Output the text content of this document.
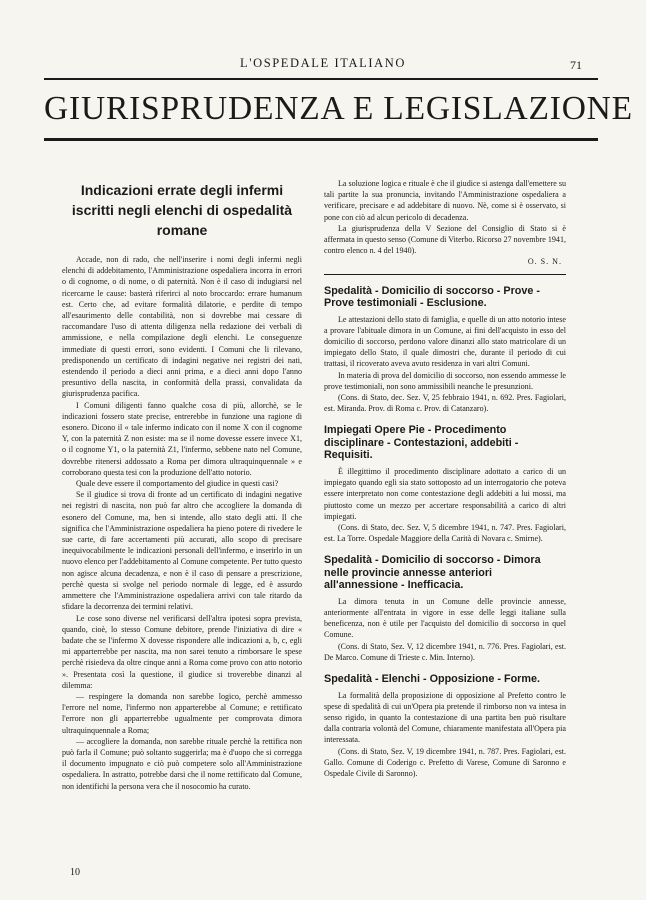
L'OSPEDALE ITALIANO	71
GIURISPRUDENZA E LEGISLAZIONE
Indicazioni errate degli infermi iscritti negli elenchi di ospedalità romane

Accade, non di rado, che nell'inserire i nomi degli infermi negli elenchi di addebitamento, l'Amministrazione ospedaliera incorra in errori o di cognome, o di nome, o di paternità. Non è il caso di indugiarsi nel ricercarne le cause: basterà riferirci al noto broccardo: errare humanum est. Certo che, ad evitare formalità dilatorie, e perdite di tempo all'esaurimento delle contabilità, non si dovrebbe mai cessare di raccomandare l'uso di attenta diligenza nella redazione dei verbali di ammissione, e nella compilazione degli elenchi. Le conseguenze immediate di questi errori, sono evidenti. I Comuni che li rilevano, predisponendo un certificato di indagini negative nei registri dei nati, estendendo il periodo a dieci anni prima, e a dieci anni dopo l'anno presuntivo della nascita, in conformità della prassi, convalidata da giurisprudenza pacifica.

I Comuni diligenti fanno qualche cosa di più, allorchè, se le indicazioni fossero state precise, entrerebbe in funzione una ragione di esonero. Dicono il « tale infermo indicato con il nome X con il cognome Y, con la paternità Z non esiste: ma se il nome dovesse essere invece X1, o il cognome Y1, o la paternità Z1, l'infermo, sebbene nato nel Comune, dovrebbe ritenersi addossato a Roma per dimora ultraquinquennale » e corroborano questa tesi con la produzione dell'atto notorio.

Quale deve essere il comportamento del giudice in questi casi?

Se il giudice si trova di fronte ad un certificato di indagini negative nei registri di nascita, non può far altro che accogliere la domanda di esonero del Comune, ma, ben si intende, allo stato degli atti. Il che significa che l'Amministrazione ospedaliera ha pieno potere di rivedere le sue carte, di fare accertamenti più accurati, allo scopo di precisare inequivocabilmente le indicazioni personali dell'infermo, e inserirlo in un nuovo elenco per l'addebitamento al Comune competente. Per tutto questo non agisce alcuna decadenza, e non è il caso di pensare a prescrizione, perchè questa si svolge nel periodo normale di legge, ed è assurdo ammettere che l'Amministrazione ospedaliera arrivi con tale ritardo da sfidare la decorrenza dei termini relativi.

Le cose sono diverse nel verificarsi dell'altra ipotesi sopra prevista, quando, cioè, lo stesso Comune debitore, prende l'iniziativa di dire « badate che se l'infermo X dovesse rispondere alle indicazioni a, b, c, egli mi apparterrebbe per nascita, ma non sarei tenuto a rimborsare le spese perchè risiedeva da oltre cinque anni a Roma come provo con atto notorio ». Presentata così la questione, il giudice si troverebbe dinanzi al dilemma:

— respingere la domanda non sarebbe logico, perchè ammesso l'errore nel nome, l'infermo non apparterebbe al Comune; e rettificato l'errore non gli apparterrebbe ugualmente per comprovata dimora ultraquinquennale a Roma;

— accogliere la domanda, non sarebbe rituale perchè la rettifica non può farla il Comune; può soltanto suggerirla; ma è d'uopo che si corregga il documento impugnato e ciò può competere solo all'Amministrazione ospedaliera. In astratto, potrebbe darsi che il nome rettificato dal Comune, non identifichi la persona vera che il nosocomio ha curato.

La soluzione logica e rituale è che il giudice si astenga dall'emettere su tali partite la sua pronuncia, invitando l'Amministrazione ospedaliera a verificare, precisare e ad addebitare di nuovo. Nè, come si è osservato, si pone con ciò ad alcun pericolo di decadenza.

La giurisprudenza della V Sezione del Consiglio di Stato si è affermata in questo senso (Comune di Viterbo. Ricorso 27 novembre 1941, contro elenco n. 4 del 1940).

O. S. N.

Spedalità - Domicilio di soccorso - Prove - Prove testimoniali - Esclusione.

Le attestazioni dello stato di famiglia, e quelle di un atto notorio intese a provare l'abituale dimora in un Comune, ai fini dell'acquisto in esso del domicilio di soccorso, perdono valore dinanzi allo stato matricolare di un impiegato dello Stato, il quale dimostri che, durante il periodo di cui trattasi, il ricoverato aveva avuto residenza in vari altri Comuni.

In materia di prova del domicilio di soccorso, non essendo ammesse le prove testimoniali, non sono ammissibili neanche le presunzioni.

(Cons. di Stato, dec. Sez. V, 25 febbraio 1941, n. 692. Pres. Fagiolari, est. Miranda. Prov. di Roma c. Prov. di Catanzaro).

Impiegati Opere Pie - Procedimento disciplinare - Contestazioni, addebiti - Requisiti.

È illegittimo il procedimento disciplinare adottato a carico di un impiegato quando egli sia stato sottoposto ad un interrogatorio che poteva essere interpretato non come contestazione degli addebiti a lui mossi, ma piuttosto come un mezzo per accertare responsabilità a carico di altri impiegati.

(Cons. di Stato, dec. Sez. V, 5 dicembre 1941, n. 747. Pres. Fagiolari, est. La Torre. Ospedale Maggiore della Carità di Novara c. Smirne).

Spedalità - Domicilio di soccorso - Dimora nelle provincie annesse anteriori all'annessione - Inefficacia.

La dimora tenuta in un Comune delle provincie annesse, anteriormente all'entrata in vigore in esse delle leggi italiane sulla beneficenza, non è utile per l'acquisto del domicilio di soccorso in quel Comune.

(Cons. di Stato, Sez. V, 12 dicembre 1941, n. 776. Pres. Fagiolari, est. De Marco. Comune di Trieste c. Min. Interno).

Spedalità - Elenchi - Opposizione - Forme.

La formalità della proposizione di opposizione al Prefetto contro le spese di spedalità di cui un'Opera pia pretende il rimborso non va intesa in senso rigido, in quanto la contestazione di una partita ben può risultare dalla contraria volontà del Comune, chiaramente manifestata all'Opera pia interessata.

(Cons. di Stato, Sez. V, 19 dicembre 1941, n. 787. Pres. Fagiolari, est. Gallo. Comune di Coderigo c. Prefetto di Varese, Comune di Saronno e Ospedale Civile di Saronno).

10
